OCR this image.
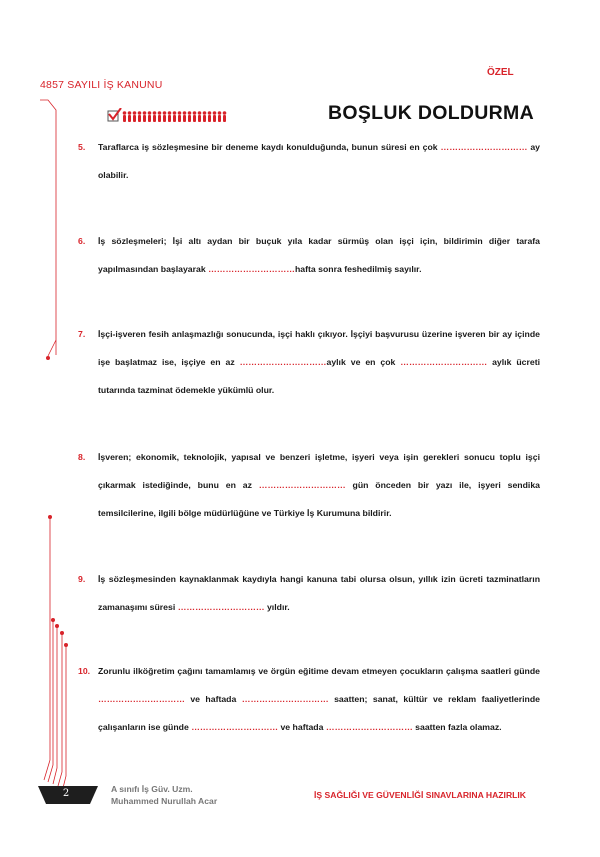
4857 SAYILI İŞ KANUNU
ÖZEL
BOŞLUK DOLDURMA
5. Taraflarca iş sözleşmesine bir deneme kaydı konulduğunda, bunun süresi en çok ………………………… ay olabilir.
6. İş sözleşmeleri; İşi altı aydan bir buçuk yıla kadar sürmüş olan işçi için, bildirimin diğer tarafa yapılmasından başlayarak …………………………hafta sonra feshedilmiş sayılır.
7. İşçi-işveren fesih anlaşmazlığı sonucunda, işçi haklı çıkıyor. İşçiyi başvurusu üzerine işveren bir ay içinde işe başlatmaz ise, işçiye en az …………………………aylık ve en çok ………………………… aylık ücreti tutarında tazminat ödemekle yükümlü olur.
8. İşveren; ekonomik, teknolojik, yapısal ve benzeri işletme, işyeri veya işin gerekleri sonucu toplu işçi çıkarmak istediğinde, bunu en az ………………………… gün önceden bir yazı ile, işyeri sendika temsilcilerine, ilgili bölge müdürlüğüne ve Türkiye İş Kurumuna bildirir.
9. İş sözleşmesinden kaynaklanmak kaydıyla hangi kanuna tabi olursa olsun, yıllık izin ücreti tazminatların zamanaşımı süresi ………………………… yıldır.
10. Zorunlu ilköğretim çağını tamamlamış ve örgün eğitime devam etmeyen çocukların çalışma saatleri günde ………………………… ve haftada ………………………… saatten; sanat, kültür ve reklam faaliyetlerinde çalışanların ise günde ………………………… ve haftada ………………………… saatten fazla olamaz.
2	A sınıfı İş Güv. Uzm.
Muhammed Nurullah Acar
İŞ SAĞLIĞI VE GÜVENLİĞİ SINAVLARINA HAZIRLIK
